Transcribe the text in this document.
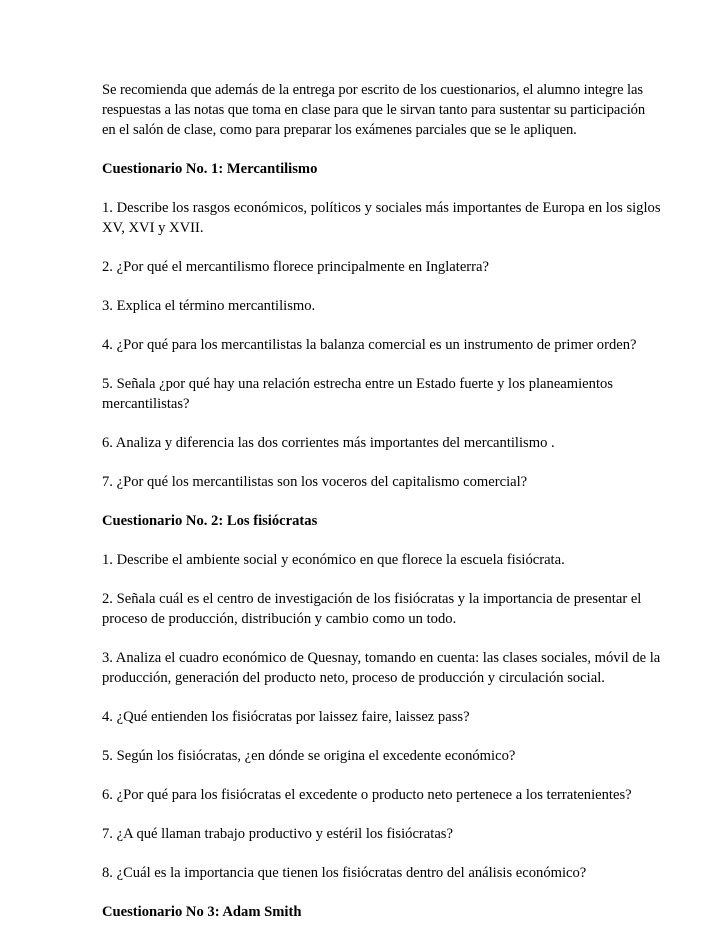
Se recomienda que además de la entrega por escrito de los cuestionarios, el alumno integre las respuestas a las notas que toma en clase para que le sirvan tanto para sustentar su participación en el salón de clase, como para preparar los exámenes parciales que se le apliquen.

Cuestionario No. 1: Mercantilismo

1. Describe los rasgos económicos, políticos y sociales más importantes de Europa en los siglos XV, XVI y XVII.

2. ¿Por qué el mercantilismo florece principalmente en Inglaterra?

3. Explica el término mercantilismo.

4. ¿Por qué para los mercantilistas la balanza comercial es un instrumento de primer orden?

5. Señala ¿por qué hay una relación estrecha entre un Estado fuerte y los planeamientos mercantilistas?

6. Analiza y diferencia las dos corrientes más importantes del mercantilismo .

7. ¿Por qué los mercantilistas son los voceros del capitalismo comercial?

Cuestionario No. 2: Los fisiócratas

1. Describe el ambiente social y económico en que florece la escuela fisiócrata.

2. Señala cuál es el centro de investigación de los fisiócratas y la importancia de presentar el proceso de producción, distribución y cambio como un todo.

3. Analiza el cuadro económico de Quesnay, tomando en cuenta: las clases sociales, móvil de la producción, generación del producto neto, proceso de producción y circulación social.

4. ¿Qué entienden los fisiócratas por laissez faire, laissez pass?

5. Según los fisiócratas, ¿en dónde se origina el excedente económico?

6. ¿Por qué para los fisiócratas el excedente o producto neto pertenece a los terratenientes?

7. ¿A qué llaman trabajo productivo y estéril los fisiócratas?

8. ¿Cuál es la importancia que tienen los fisiócratas dentro del análisis económico?

Cuestionario No 3: Adam Smith
